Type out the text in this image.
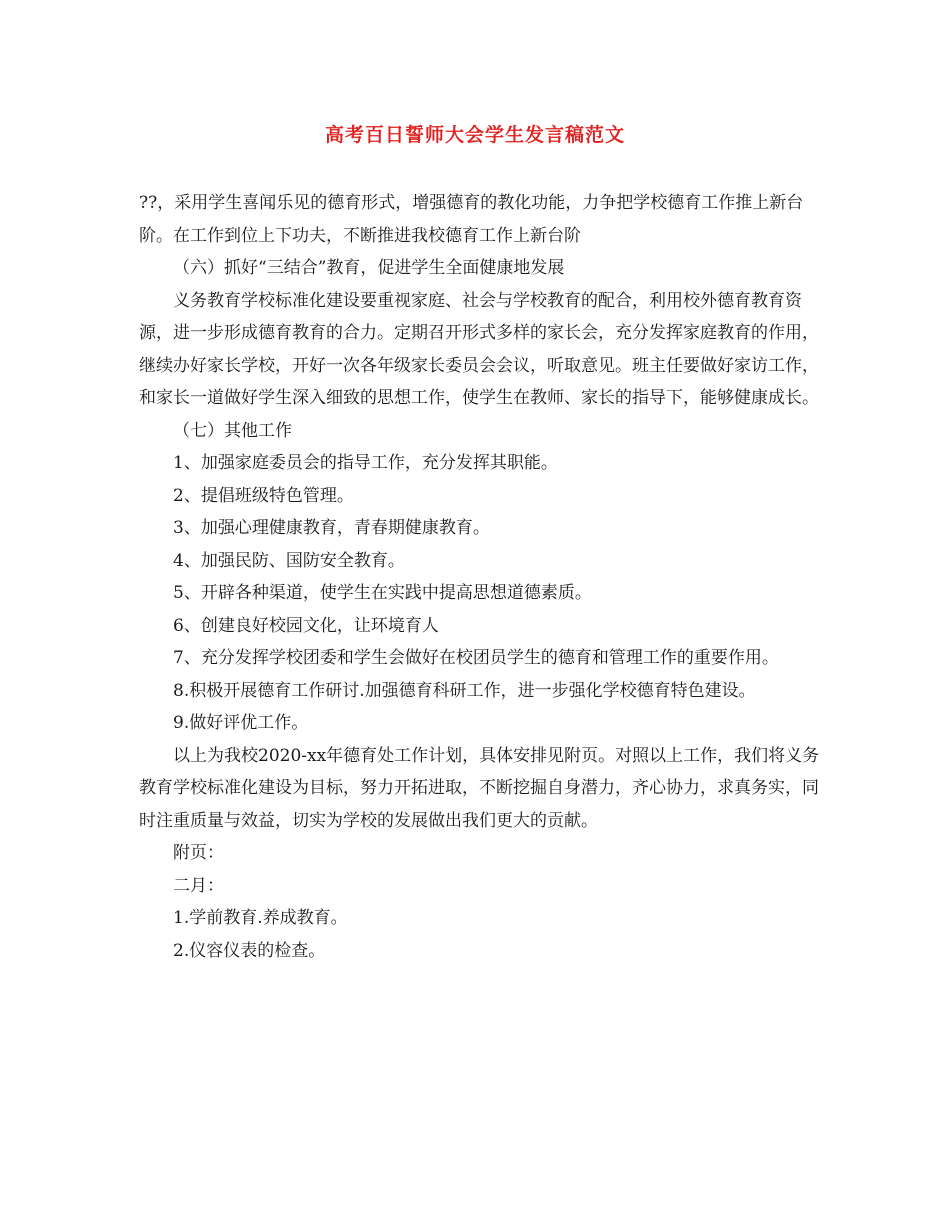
高考百日誓师大会学生发言稿范文

??，采用学生喜闻乐见的德育形式，增强德育的教化功能，力争把学校德育工作推上新台阶。在工作到位上下功夫，不断推进我校德育工作上新台阶

（六）抓好“三结合”教育，促进学生全面健康地发展

义务教育学校标准化建设要重视家庭、社会与学校教育的配合，利用校外德育教育资源，进一步形成德育教育的合力。定期召开形式多样的家长会，充分发挥家庭教育的作用，继续办好家长学校，开好一次各年级家长委员会会议，听取意见。班主任要做好家访工作，和家长一道做好学生深入细致的思想工作，使学生在教师、家长的指导下，能够健康成长。

（七）其他工作

1、加强家庭委员会的指导工作，充分发挥其职能。

2、提倡班级特色管理。

3、加强心理健康教育，青春期健康教育。

4、加强民防、国防安全教育。

5、开辟各种渠道，使学生在实践中提高思想道德素质。

6、创建良好校园文化，让环境育人

7、充分发挥学校团委和学生会做好在校团员学生的德育和管理工作的重要作用。

8.积极开展德育工作研讨.加强德育科研工作，进一步强化学校德育特色建设。

9.做好评优工作。

以上为我校2020-xx年德育处工作计划，具体安排见附页。对照以上工作，我们将义务教育学校标准化建设为目标，努力开拓进取，不断挖掘自身潜力，齐心协力，求真务实，同时注重质量与效益，切实为学校的发展做出我们更大的贡献。

附页：

二月：

1.学前教育.养成教育。

2.仪容仪表的检查。
